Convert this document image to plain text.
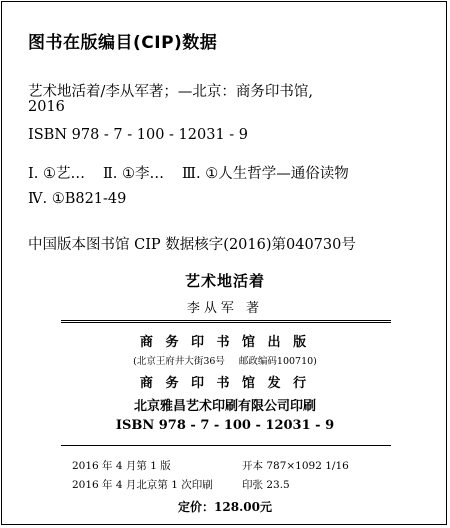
图书在版编目(CIP)数据
艺术地活着/李从军著；—北京：商务印书馆,
2016
ISBN 978 - 7 - 100 - 12031 - 9
Ⅰ. ①艺… Ⅱ. ①李… Ⅲ. ①人生哲学—通俗读物
Ⅳ. ①B821-49
中国版本图书馆 CIP 数据核字(2016)第040730号
艺术地活着
李从军 著
商 务 印 书 馆 出 版
(北京王府井大街36号 邮政编码100710)
商 务 印 书 馆 发 行
北京雅昌艺术印刷有限公司印刷
ISBN 978 - 7 - 100 - 12031 - 9
2016 年 4 月第 1 版
2016 年 4 月北京第 1 次印刷
开本 787×1092 1/16
印张 23.5
定价：128.00元
